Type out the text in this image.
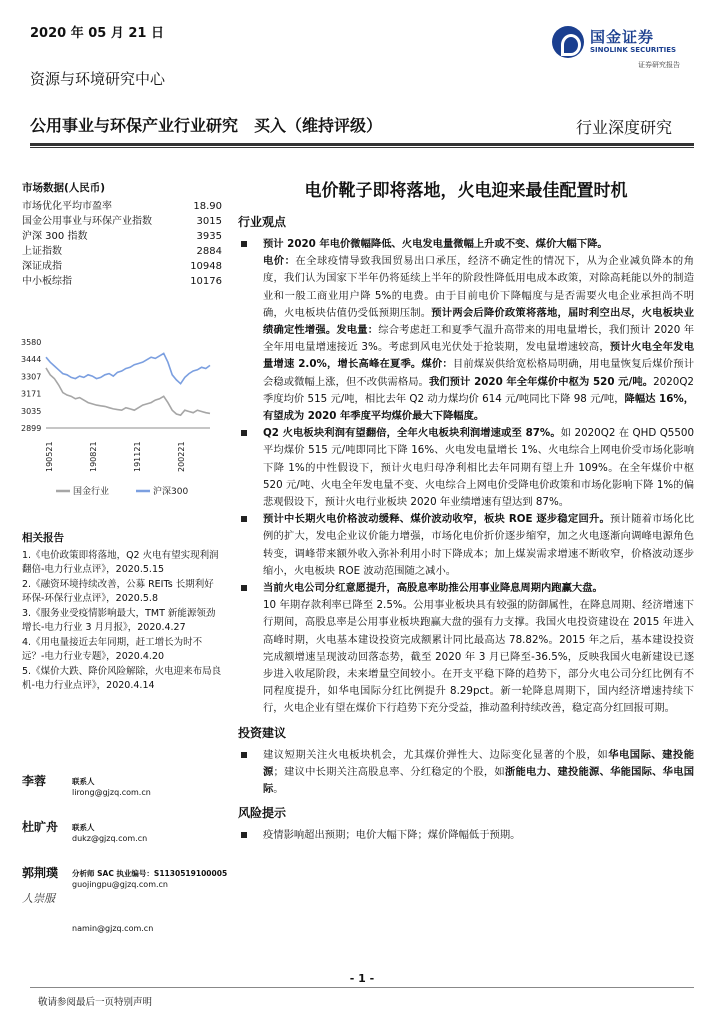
2020 年 05 月 21 日	国金证券
SINOLINK SECURITIES
证券研究报告
资源与环境研究中心
公用事业与环保产业行业研究　买入（维持评级）	行业深度研究
市场数据(人民币)
市场优化平均市盈率	18.90
国金公用事业与环保产业指数	3015
沪深 300 指数	3935
上证指数	2884
深证成指	10948
中小板综指	10176
3580
3444
3307
3171
3035
2899
190521	190821	191121	200221
国金行业	沪深300
相关报告
1.《电价政策即将落地，Q2 火电有望实现利润翻倍-电力行业点评》，2020.5.15
2.《融资环境持续改善，公募 REITs 长期利好环保-环保行业点评》，2020.5.8
3.《服务业受疫情影响最大，TMT 新能源领劲增长-电力行业 3 月月报》，2020.4.27
4.《用电量接近去年同期，赶工增长为时不远？-电力行业专题》，2020.4.20
5.《煤价大跌、降价风险解除，火电迎来布局良机-电力行业点评》，2020.4.14
李蓉	联系人
lirong@gjzq.com.cn
杜旷舟 联系人
dukz@gjzq.com.cn
郭荆璞 分析师 SAC 执业编号：S1130519100005
guojingpu@gjzq.com.cn
人崇服
namin@gjzq.com.cn
电价靴子即将落地，火电迎来最佳配置时机
行业观点
预计 2020 年电价微幅降低、火电发电量微幅上升或不变、煤价大幅下降。
电价：在全球疫情导致我国贸易出口承压，经济不确定性的情况下，从为企业减负降本的角度，我们认为国家下半年仍将延续上半年的阶段性降低用电成本政策，对除高耗能以外的制造业和一般工商业用户降 5%的电费。由于目前电价下降幅度与是否需要火电企业承担尚不明确，火电板块估值仍受低预期压制。预计两会后降价政策将落地，届时利空出尽，火电板块业绩确定性增强。发电量：综合考虑赶工和夏季气温升高带来的用电量增长，我们预计 2020 年全年用电量增速接近 3%。考虑到风电光伏处于抢装期，发电量增速较高，预计火电全年发电量增速 2.0%，增长高峰在夏季。煤价：目前煤炭供给宽松格局明确，用电量恢复后煤价预计会稳或微幅上涨，但不改供需格局。我们预计 2020 年全年煤价中枢为 520 元/吨。2020Q2 季度均价 515 元/吨，相比去年 Q2 动力煤均价 614 元/吨同比下降 98 元/吨，降幅达 16%，有望成为 2020 年季度平均煤价最大下降幅度。
Q2 火电板块利润有望翻倍，全年火电板块利润增速或至 87%。如 2020Q2 在 QHD Q5500 平均煤价 515 元/吨即同比下降 16%、火电发电量增长 1%、火电综合上网电价受市场化影响下降 1%的中性假设下，预计火电归母净利相比去年同期有望上升 109%。在全年煤价中枢 520 元/吨、火电全年发电量不变、火电综合上网电价受降电价政策和市场化影响下降 1%的偏悲观假设下，预计火电行业板块 2020 年业绩增速有望达到 87%。
预计中长期火电价格波动缓释、煤价波动收窄，板块 ROE 逐步稳定回升。预计随着市场化比例的扩大，发电企业议价能力增强，市场化电价折价逐步缩窄，加之火电逐渐向调峰电源角色转变，调峰带来额外收入弥补利用小时下降成本；加上煤炭需求增速不断收窄，价格波动逐步缩小，火电板块 ROE 波动范围随之减小。
当前火电公司分红意愿提升，高股息率助推公用事业降息周期内跑赢大盘。
10 年期存款利率已降至 2.5%。公用事业板块具有较强的防御属性，在降息周期、经济增速下行期间，高股息率是公用事业板块跑赢大盘的强有力支撑。我国火电投资建设在 2015 年进入高峰时期，火电基本建设投资完成额累计同比最高达 78.82%。2015 年之后，基本建设投资完成额增速呈现波动回落态势，截至 2020 年 3 月已降至-36.5%，反映我国火电新建设已逐步进入收尾阶段，未来增量空间较小。在开支平稳下降的趋势下，部分火电公司分红比例有不同程度提升，如华电国际分红比例提升 8.29pct。新一轮降息周期下，国内经济增速持续下行，火电企业有望在煤价下行趋势下充分受益，推动盈利持续改善，稳定高分红回报可期。
投资建议
建议短期关注火电板块机会，尤其煤价弹性大、边际变化显著的个股，如华电国际、建投能源；建议中长期关注高股息率、分红稳定的个股，如浙能电力、建投能源、华能国际、华电国际。
风险提示
疫情影响超出预期；电价大幅下降；煤价降幅低于预期。
- 1 -
敬请参阅最后一页特别声明
